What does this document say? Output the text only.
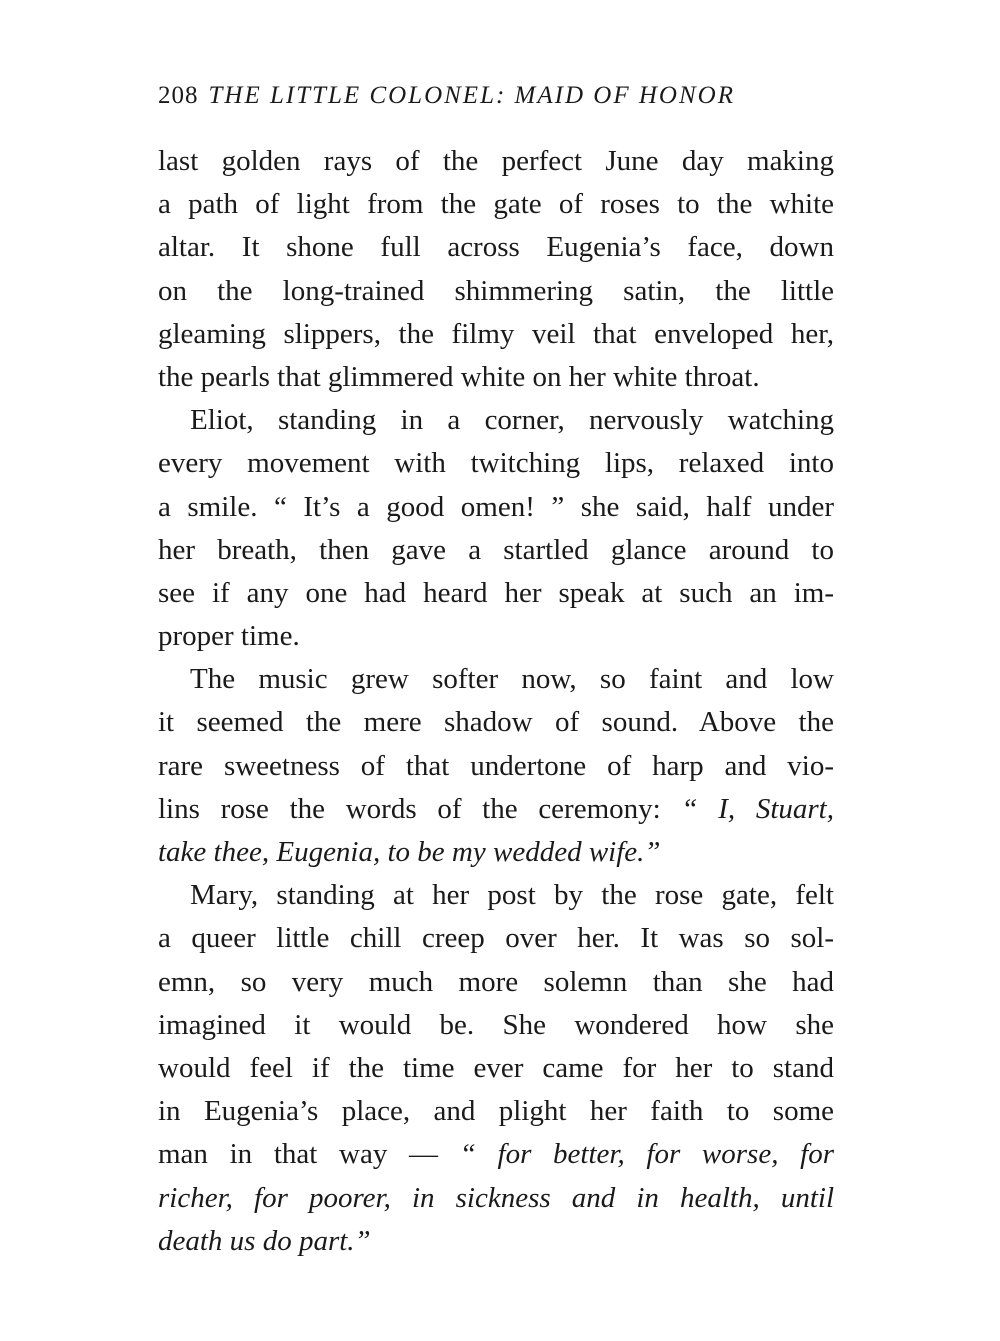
208 THE LITTLE COLONEL: MAID OF HONOR
last golden rays of the perfect June day making
a path of light from the gate of roses to the white
altar. It shone full across Eugenia’s face, down
on the long-trained shimmering satin, the little
gleaming slippers, the filmy veil that enveloped her,
the pearls that glimmered white on her white throat.
Eliot, standing in a corner, nervously watching
every movement with twitching lips, relaxed into
a smile. “ It’s a good omen! ” she said, half under
her breath, then gave a startled glance around to
see if any one had heard her speak at such an im-
proper time.
The music grew softer now, so faint and low
it seemed the mere shadow of sound. Above the
rare sweetness of that undertone of harp and vio-
lins rose the words of the ceremony: “ I, Stuart,
take thee, Eugenia, to be my wedded wife.”
Mary, standing at her post by the rose gate, felt
a queer little chill creep over her. It was so sol-
emn, so very much more solemn than she had
imagined it would be. She wondered how she
would feel if the time ever came for her to stand
in Eugenia’s place, and plight her faith to some
man in that way — “ for better, for worse, for
richer, for poorer, in sickness and in health, until
death us do part.”
